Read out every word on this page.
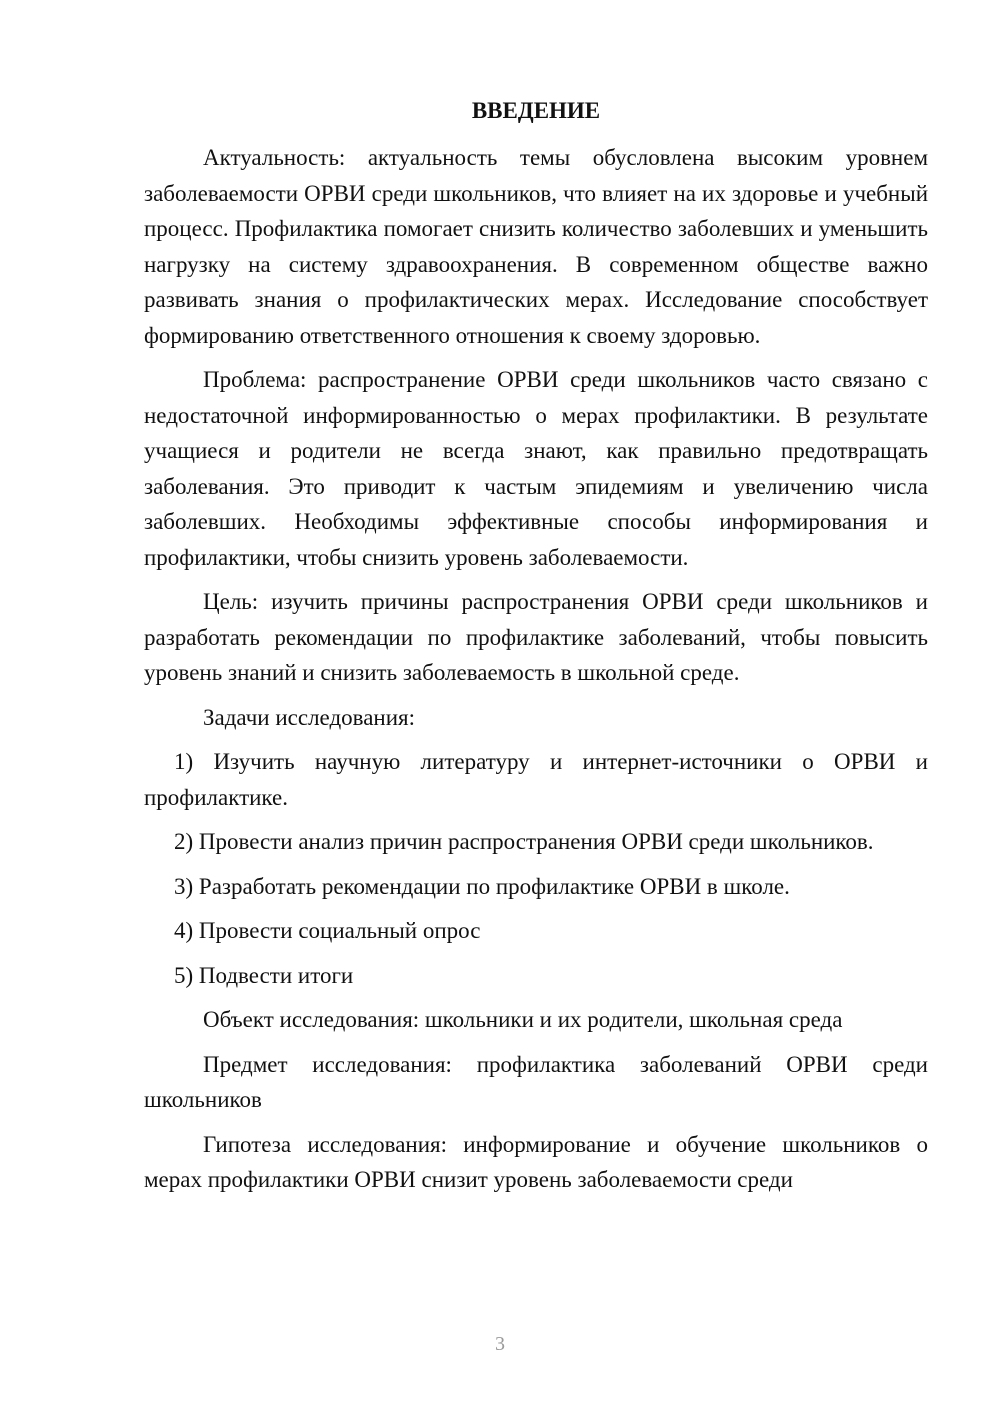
ВВЕДЕНИЕ

Актуальность: актуальность темы обусловлена высоким уровнем заболеваемости ОРВИ среди школьников, что влияет на их здоровье и учебный процесс. Профилактика помогает снизить количество заболевших и уменьшить нагрузку на систему здравоохранения. В современном обществе важно развивать знания о профилактических мерах. Исследование способствует формированию ответственного отношения к своему здоровью.

Проблема: распространение ОРВИ среди школьников часто связано с недостаточной информированностью о мерах профилактики. В результате учащиеся и родители не всегда знают, как правильно предотвращать заболевания. Это приводит к частым эпидемиям и увеличению числа заболевших. Необходимы эффективные способы информирования и профилактики, чтобы снизить уровень заболеваемости.

Цель: изучить причины распространения ОРВИ среди школьников и разработать рекомендации по профилактике заболеваний, чтобы повысить уровень знаний и снизить заболеваемость в школьной среде.

Задачи исследования:

1) Изучить научную литературу и интернет-источники о ОРВИ и профилактике.

2) Провести анализ причин распространения ОРВИ среди школьников.

3) Разработать рекомендации по профилактике ОРВИ в школе.

4) Провести социальный опрос

5) Подвести итоги

Объект исследования: школьники и их родители, школьная среда

Предмет исследования: профилактика заболеваний ОРВИ среди школьников

Гипотеза исследования: информирование и обучение школьников о мерах профилактики ОРВИ снизит уровень заболеваемости среди

3
